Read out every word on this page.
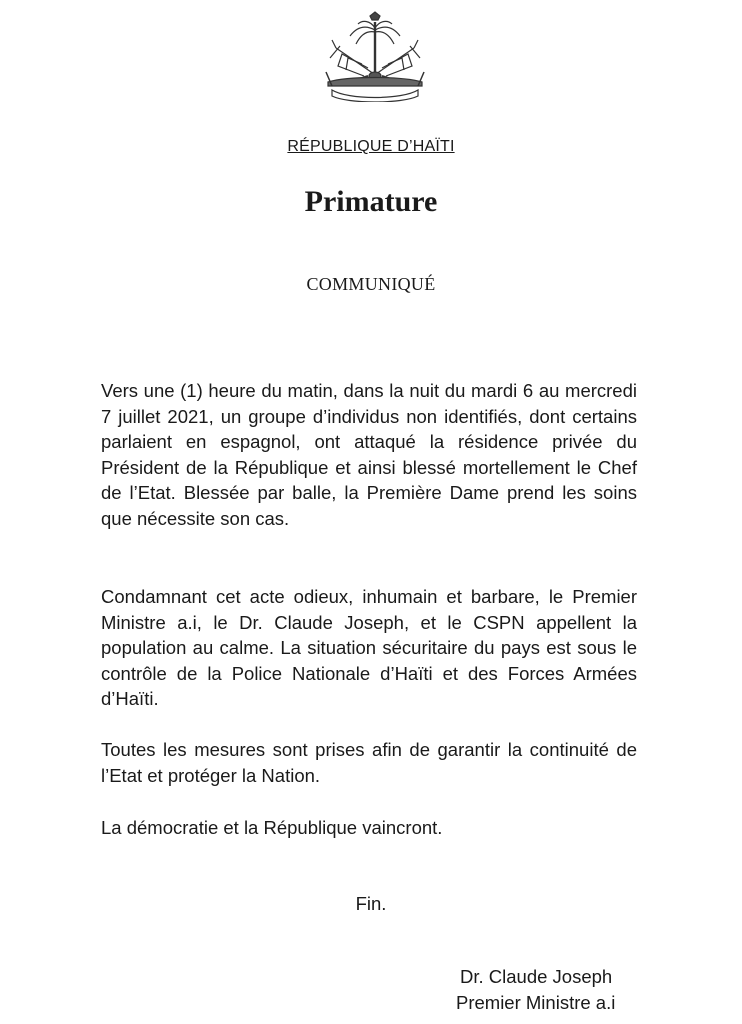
RÉPUBLIQUE D’HAÏTI
Primature
COMMUNIQUÉ

Vers une (1) heure du matin, dans la nuit du mardi 6 au mercredi 7 juillet 2021, un groupe d’individus non identifiés, dont certains parlaient en espagnol, ont attaqué la résidence privée du Président de la République et ainsi blessé mortellement le Chef de l’Etat. Blessée par balle, la Première Dame prend les soins que nécessite son cas.

Condamnant cet acte odieux, inhumain et barbare, le Premier Ministre a.i, le Dr. Claude Joseph, et le CSPN appellent la population au calme. La situation sécuritaire du pays est sous le contrôle de la Police Nationale d’Haïti et des Forces Armées d’Haïti.

Toutes les mesures sont prises afin de garantir la continuité de l’Etat et protéger la Nation.

La démocratie et la République vaincront.

Fin.
Dr. Claude Joseph
Premier Ministre a.i
